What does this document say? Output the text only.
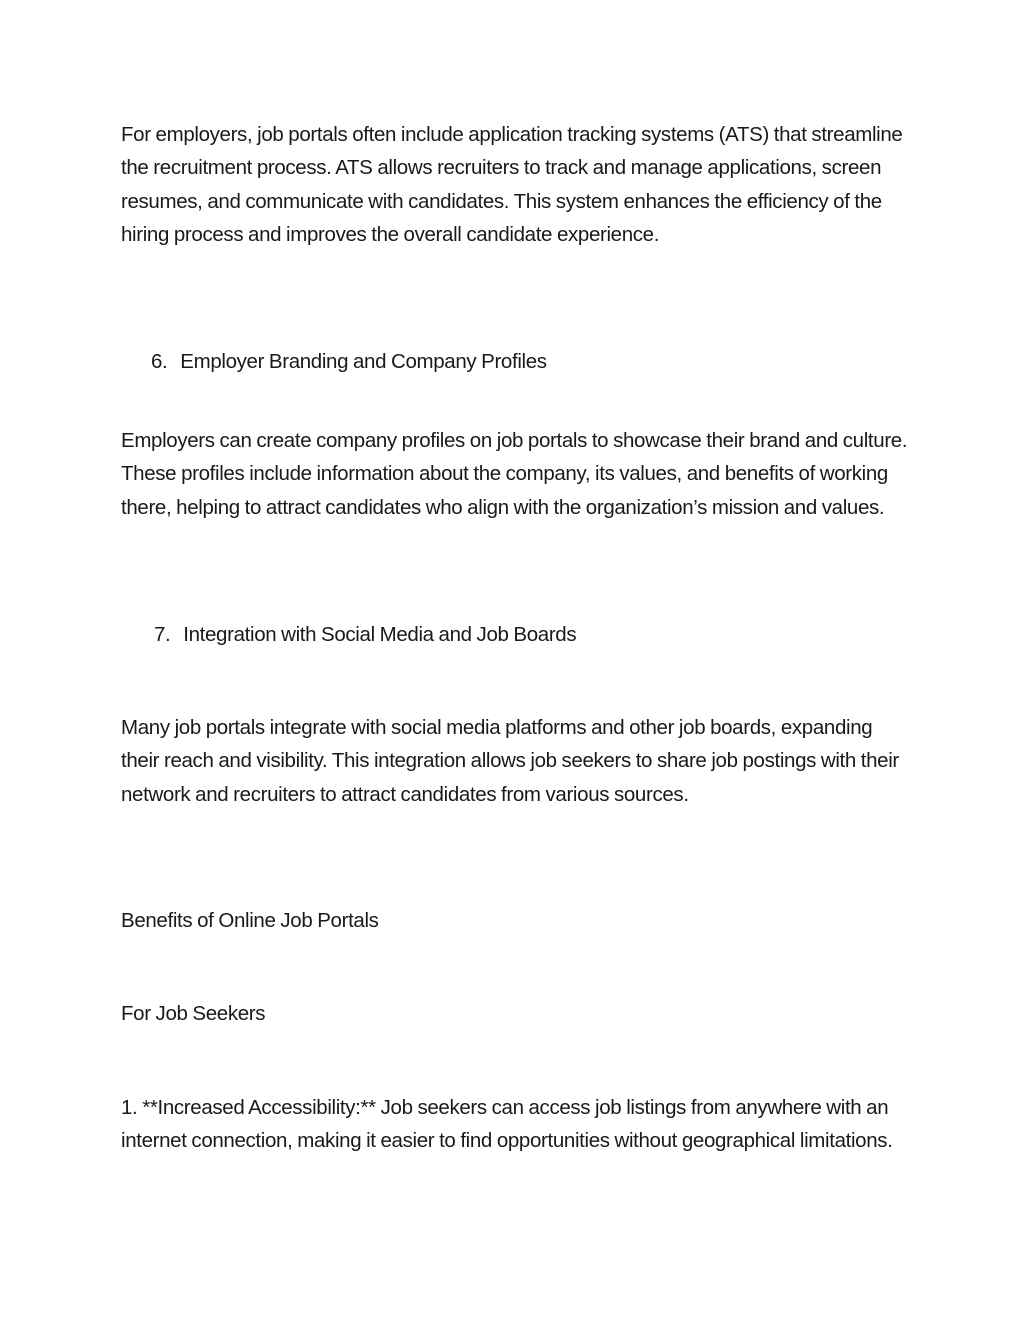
For employers, job portals often include application tracking systems (ATS) that streamline the recruitment process. ATS allows recruiters to track and manage applications, screen resumes, and communicate with candidates. This system enhances the efficiency of the hiring process and improves the overall candidate experience.

6. Employer Branding and Company Profiles

Employers can create company profiles on job portals to showcase their brand and culture. These profiles include information about the company, its values, and benefits of working there, helping to attract candidates who align with the organization’s mission and values.

7. Integration with Social Media and Job Boards

Many job portals integrate with social media platforms and other job boards, expanding their reach and visibility. This integration allows job seekers to share job postings with their network and recruiters to attract candidates from various sources.

Benefits of Online Job Portals
For Job Seekers

1. **Increased Accessibility:** Job seekers can access job listings from anywhere with an internet connection, making it easier to find opportunities without geographical limitations.
